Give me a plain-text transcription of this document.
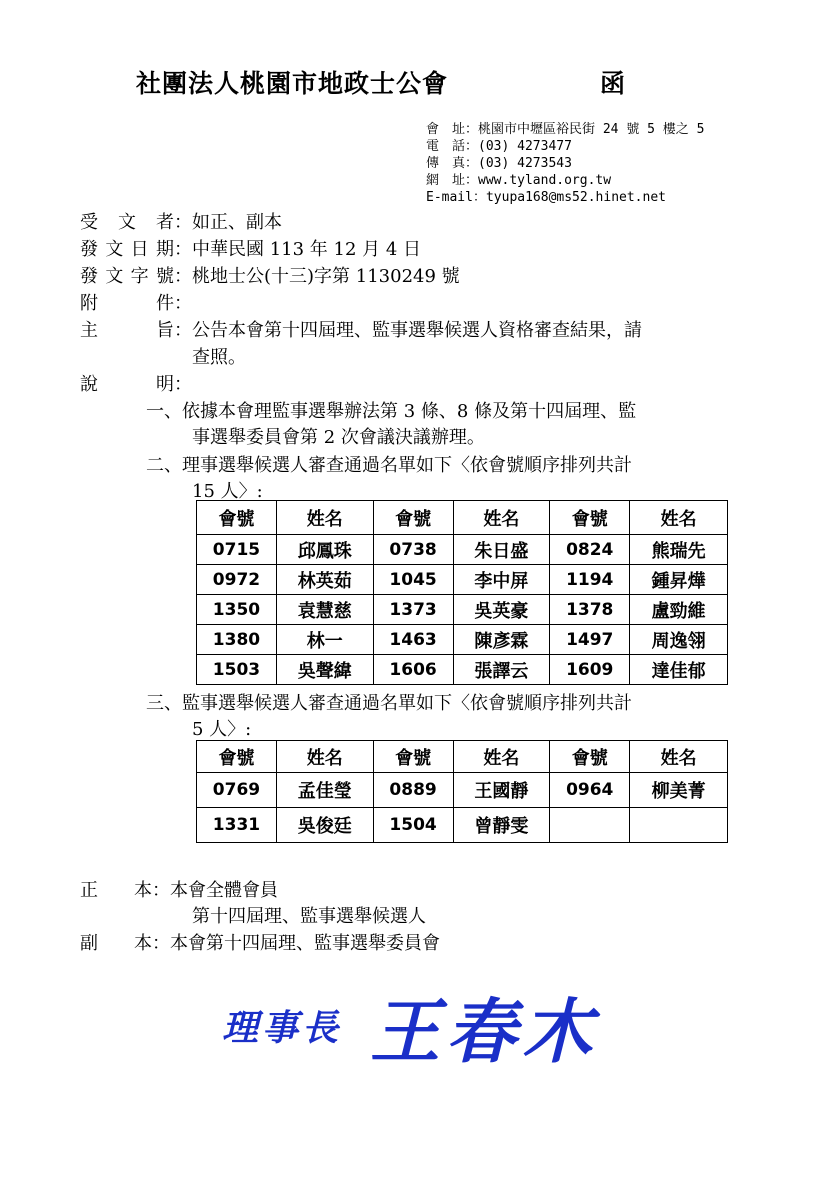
社團法人桃園市地政士公會	函
會　址：桃園市中壢區裕民街 24 號 5 樓之 5
電　話：(03) 4273477
傳　真：(03) 4273543
網　址：www.tyland.org.tw
E-mail：tyupa168@ms52.hinet.net
受文者：如正、副本
發文日期：中華民國 113 年 12 月 4 日
發文字號：桃地士公(十三)字第 1130249 號
附件：
主旨：公告本會第十四屆理、監事選舉候選人資格審查結果，請
查照。
說明：
一、依據本會理監事選舉辦法第 3 條、8 條及第十四屆理、監
事選舉委員會第 2 次會議決議辦理。
二、理事選舉候選人審查通過名單如下〈依會號順序排列共計
15 人〉:
會號	姓名	會號	姓名	會號	姓名
0715	邱鳳珠	0738	朱日盛	0824	熊瑞先
0972	林英茹	1045	李中屏	1194	鍾昇燁
1350	袁慧慈	1373	吳英豪	1378	盧勁維
1380	林一	1463	陳彥霖	1497	周逸翎
1503	吳聲緯	1606	張譯云	1609	達佳郁
三、監事選舉候選人審查通過名單如下〈依會號順序排列共計
5 人〉:
會號	姓名	會號	姓名	會號	姓名
0769	孟佳瑩	0889	王國靜	0964	柳美菁
1331	吳俊廷	1504	曾靜雯		
正　　本：本會全體會員
第十四屆理、監事選舉候選人
副　　本：本會第十四屆理、監事選舉委員會
理事長 王春木
